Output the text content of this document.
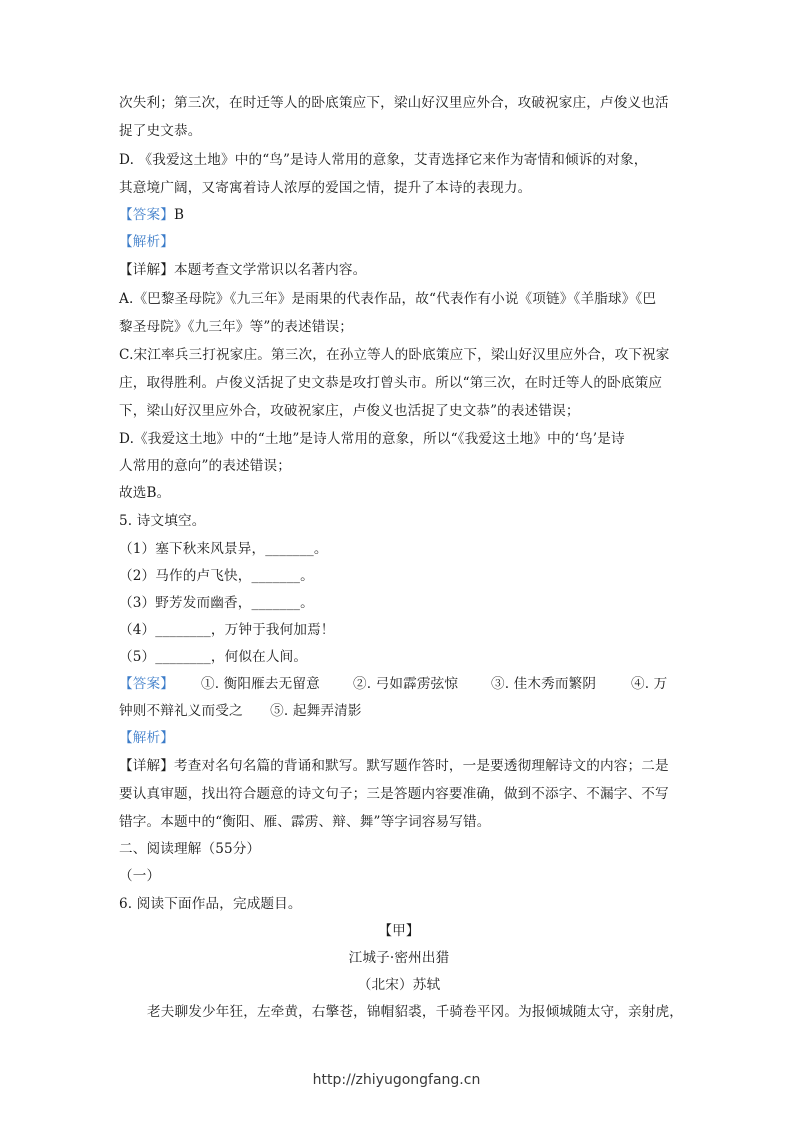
次失利；第三次，在时迁等人的卧底策应下，梁山好汉里应外合，攻破祝家庄，卢俊义也活
捉了史文恭。
D. 《我爱这土地》中的“鸟”是诗人常用的意象，艾青选择它来作为寄情和倾诉的对象，
其意境广阔，又寄寓着诗人浓厚的爱国之情，提升了本诗的表现力。
【答案】B
【解析】
【详解】本题考查文学常识以名著内容。
A.《巴黎圣母院》《九三年》是雨果的代表作品，故“代表作有小说《项链》《羊脂球》《巴
黎圣母院》《九三年》等”的表述错误；
C.宋江率兵三打祝家庄。第三次，在孙立等人的卧底策应下，梁山好汉里应外合，攻下祝家
庄，取得胜利。卢俊义活捉了史文恭是攻打曾头市。所以“第三次，在时迁等人的卧底策应
下，梁山好汉里应外合，攻破祝家庄，卢俊义也活捉了史文恭”的表述错误；
D.《我爱这土地》中的“土地”是诗人常用的意象，所以“《我爱这土地》中的‘鸟’是诗
人常用的意向”的表述错误；
故选B。
5. 诗文填空。
（1）塞下秋来风景异，_______。
（2）马作的卢飞快，_______。
（3）野芳发而幽香，_______。
（4）________，万钟于我何加焉！
（5）________，何似在人间。
【答案】 ①. 衡阳雁去无留意 ②. 弓如霹雳弦惊 ③. 佳木秀而繁阴	④. 万
钟则不辩礼义而受之　　⑤. 起舞弄清影
【解析】
【详解】考查对名句名篇的背诵和默写。默写题作答时，一是要透彻理解诗文的内容；二是
要认真审题，找出符合题意的诗文句子；三是答题内容要准确，做到不添字、不漏字、不写
错字。本题中的“衡阳、雁、霹雳、辩、舞”等字词容易写错。
二、阅读理解（55分）
（一）
6. 阅读下面作品，完成题目。
【甲】
江城子·密州出猎
（北宋）苏轼
老夫聊发少年狂，左牵黄，右擎苍，锦帽貂裘，千骑卷平冈。为报倾城随太守，亲射虎，
http://zhiyugongfang.cn
